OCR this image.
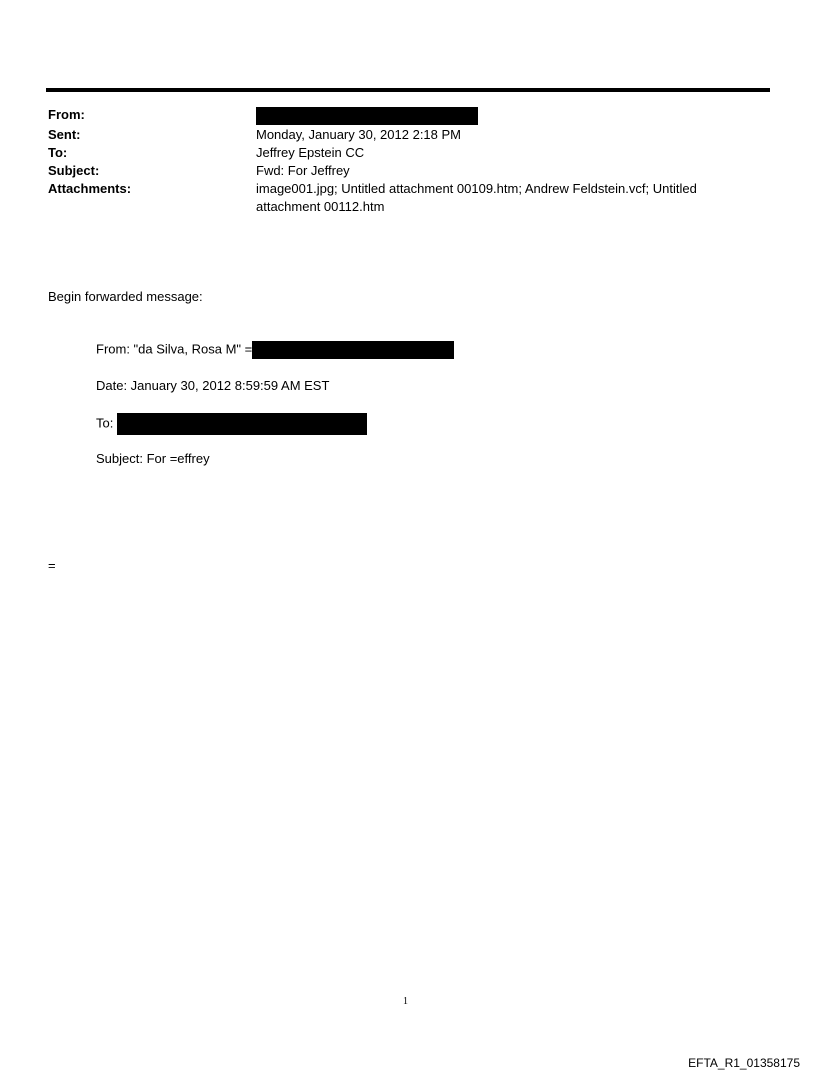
From:
Sent:	Monday, January 30, 2012 2:18 PM
To:	Jeffrey Epstein CC
Subject:	Fwd: For Jeffrey
Attachments:	image001.jpg; Untitled attachment 00109.htm; Andrew Feldstein.vcf; Untitled attachment 00112.htm
Begin forwarded message:
From: "da Silva, Rosa M" =
Date: January 30, 2012 8:59:59 AM EST
To:
Subject: For =effrey
=
1
EFTA_R1_01358175
